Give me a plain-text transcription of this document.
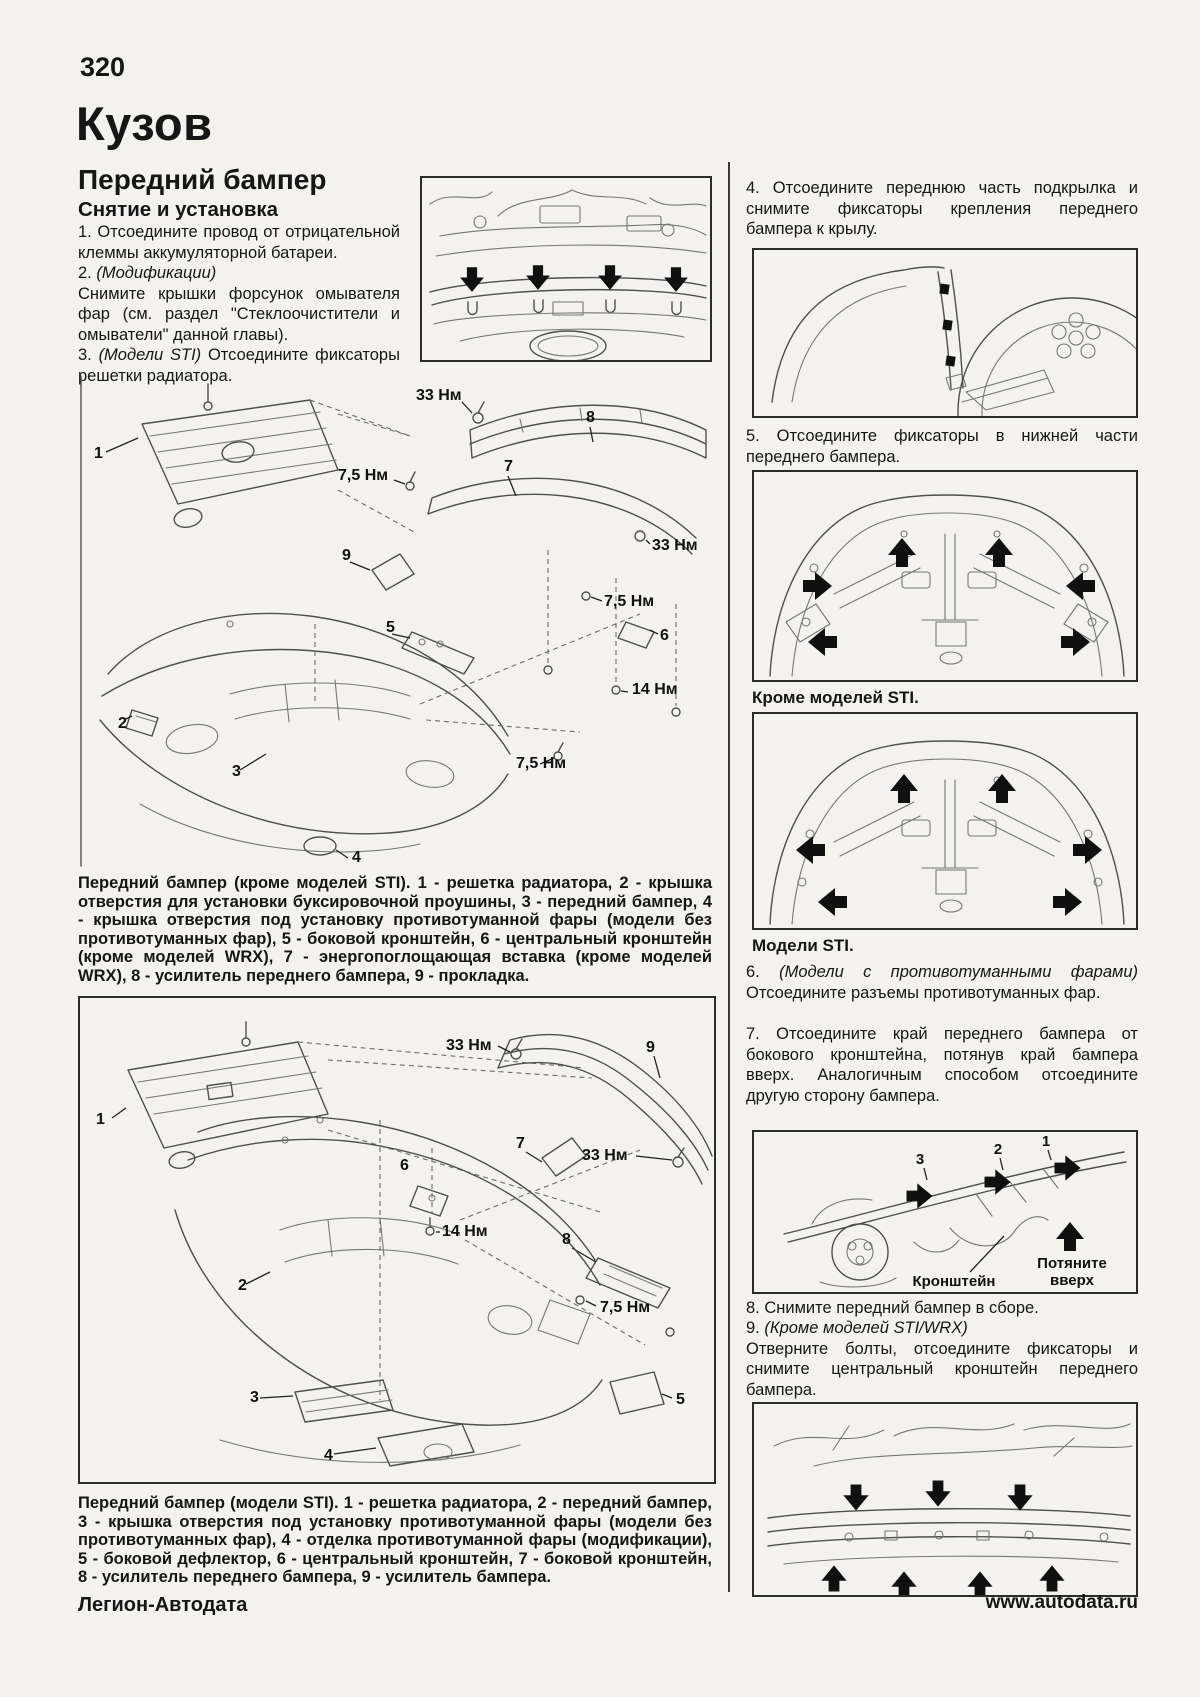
320
Кузов
Передний бампер
Снятие и установка

1. Отсоедините провод от отрицательной клеммы аккумуляторной батареи.

2. (Модификации)

Снимите крышки форсунок омывателя фар (см. раздел "Стеклоочистители и омыватели" данной главы).

3. (Модели STI) Отсоедините фиксаторы решетки радиатора.

33 Нм
8
7,5 Нм
7
33 Нм
7,5 Нм
1
9
5	6
14 Нм
2
3	7,5 Нм
4
Передний бампер (кроме моделей STI). 1 - решетка радиатора, 2 - крышка отверстия для установки буксировочной проушины, 3 - передний бампер, 4 - крышка отверстия под установку противотуманной фары (модели без противотуманных фар), 5 - боковой кронштейн, 6 - центральный кронштейн (кроме моделей WRX), 7 - энергопоглощающая вставка (кроме моделей WRX), 8 - усилитель переднего бампера, 9 - прокладка.
1
33 Нм	9
33 Нм
7
6
14 Нм	8
7,5 Нм
2
3
4
5
Передний бампер (модели STI). 1 - решетка радиатора, 2 - передний бампер, 3 - крышка отверстия под установку противотуманной фары (модели без противотуманных фар), 4 - отделка противотуманной фары (модификации), 5 - боковой дефлектор, 6 - центральный кронштейн, 7 - боковой кронштейн, 8 - усилитель переднего бампера, 9 - усилитель бампера.
4. Отсоедините переднюю часть подкрылка и снимите фиксаторы крепления переднего бампера к крылу.
5. Отсоедините фиксаторы в нижней части переднего бампера.
Кроме моделей STI.
Модели STI.

6. (Модели с противотуманными фарами) Отсоедините разъемы противотуманных фар.

7. Отсоедините край переднего бампера от бокового кронштейна, потянув край бампера вверх. Аналогичным способом отсоедините другую сторону бампера.
3
2	1
Кронштейн
Потяните
вверх
8. Снимите передний бампер в сборе.

9. (Кроме моделей STI/WRX)

Отверните болты, отсоедините фиксаторы и снимите центральный кронштейн переднего бампера.

Легион-Автодата	www.autodata.ru
